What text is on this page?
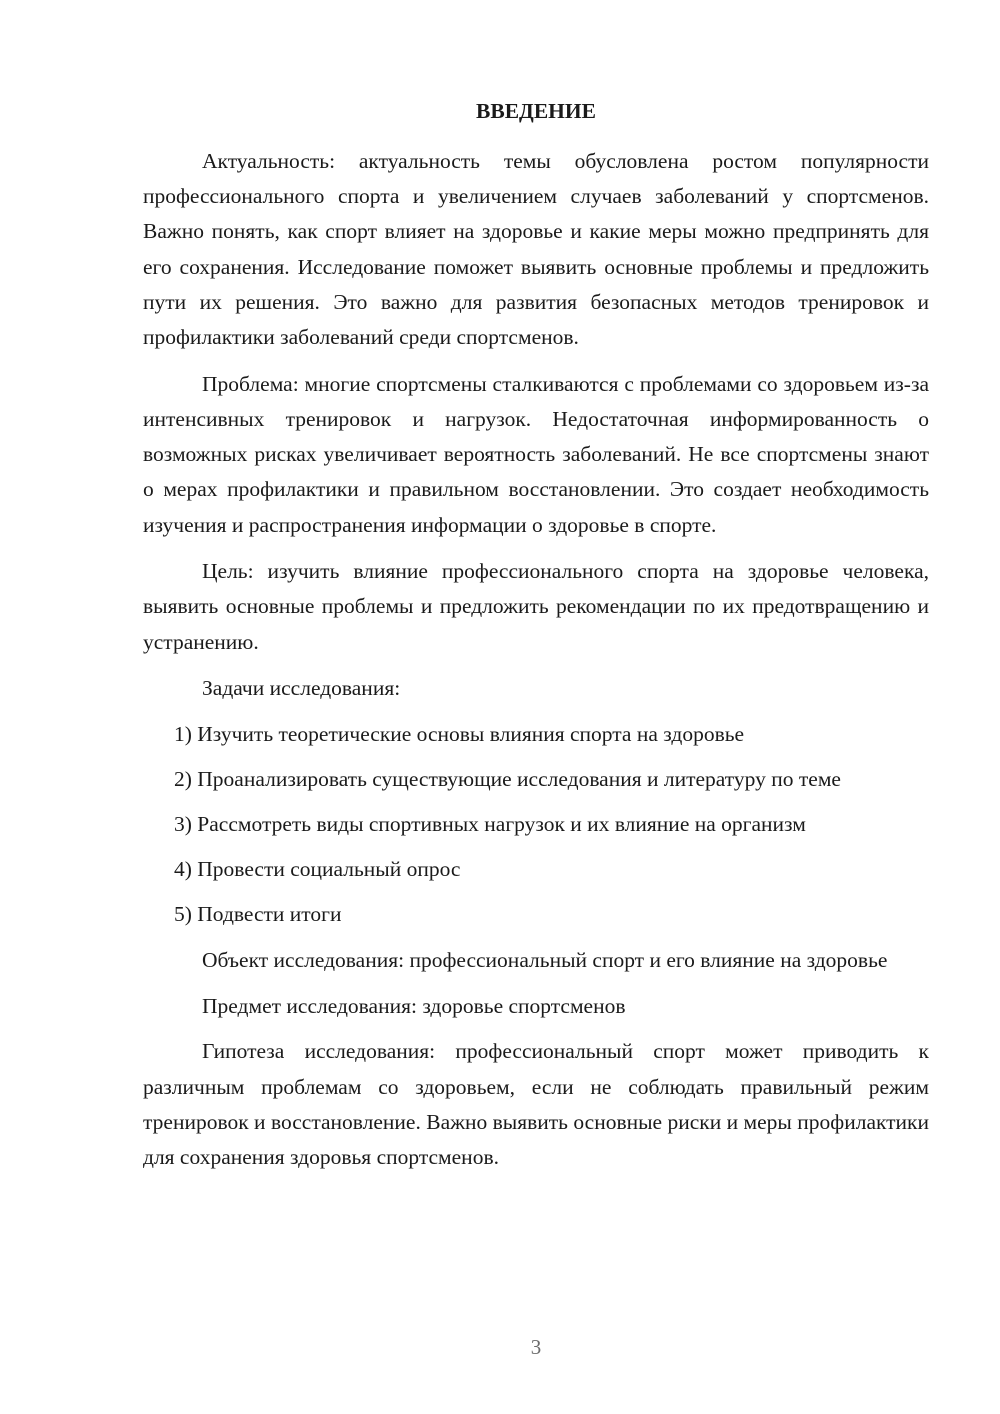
ВВЕДЕНИЕ

Актуальность: актуальность темы обусловлена ростом популярности профессионального спорта и увеличением случаев заболеваний у спортсменов. Важно понять, как спорт влияет на здоровье и какие меры можно предпринять для его сохранения. Исследование поможет выявить основные проблемы и предложить пути их решения. Это важно для развития безопасных методов тренировок и профилактики заболеваний среди спортсменов.

Проблема: многие спортсмены сталкиваются с проблемами со здоровьем из-за интенсивных тренировок и нагрузок. Недостаточная информированность о возможных рисках увеличивает вероятность заболеваний. Не все спортсмены знают о мерах профилактики и правильном восстановлении. Это создает необходимость изучения и распространения информации о здоровье в спорте.

Цель: изучить влияние профессионального спорта на здоровье человека, выявить основные проблемы и предложить рекомендации по их предотвращению и устранению.

Задачи исследования:

1) Изучить теоретические основы влияния спорта на здоровье

2) Проанализировать существующие исследования и литературу по теме

3) Рассмотреть виды спортивных нагрузок и их влияние на организм

4) Провести социальный опрос

5) Подвести итоги

Объект исследования: профессиональный спорт и его влияние на здоровье

Предмет исследования: здоровье спортсменов

Гипотеза исследования: профессиональный спорт может приводить к различным проблемам со здоровьем, если не соблюдать правильный режим тренировок и восстановление. Важно выявить основные риски и меры профилактики для сохранения здоровья спортсменов.

3
